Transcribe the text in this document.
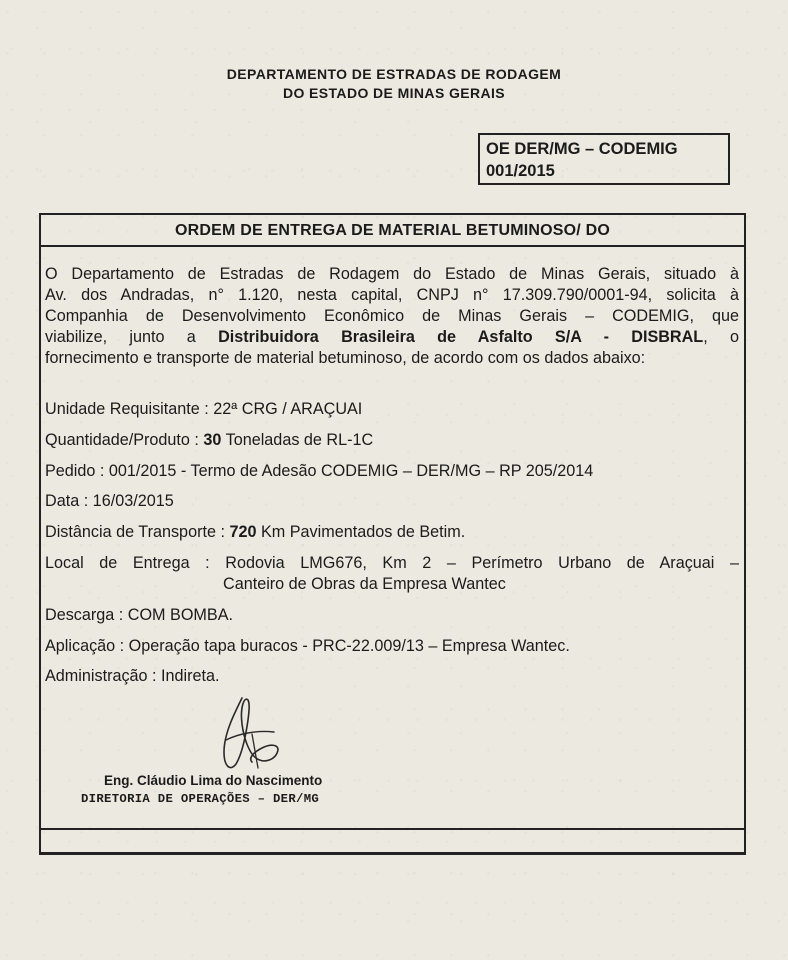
DEPARTAMENTO DE ESTRADAS DE RODAGEM
DO ESTADO DE MINAS GERAIS
OE DER/MG – CODEMIG
001/2015
ORDEM DE ENTREGA DE MATERIAL BETUMINOSO/ DO
O Departamento de Estradas de Rodagem do Estado de Minas Gerais, situado à
Av. dos Andradas, n° 1.120, nesta capital, CNPJ n° 17.309.790/0001-94, solicita à
Companhia de Desenvolvimento Econômico de Minas Gerais – CODEMIG, que
viabilize, junto a Distribuidora Brasileira de Asfalto S/A - DISBRAL, o
fornecimento e transporte de material betuminoso, de acordo com os dados abaixo:
Unidade Requisitante : 22ª CRG / ARAÇUAI
Quantidade/Produto : 30 Toneladas de RL-1C
Pedido : 001/2015 - Termo de Adesão CODEMIG – DER/MG – RP 205/2014
Data : 16/03/2015
Distância de Transporte : 720 Km Pavimentados de Betim.
Local de Entrega : Rodovia LMG676, Km 2 – Perímetro Urbano de Araçuai –
Canteiro de Obras da Empresa Wantec
Descarga : COM BOMBA.
Aplicação : Operação tapa buracos - PRC-22.009/13 – Empresa Wantec.
Administração : Indireta.
Eng. Cláudio Lima do Nascimento
DIRETORIA DE OPERAÇÕES – DER/MG
